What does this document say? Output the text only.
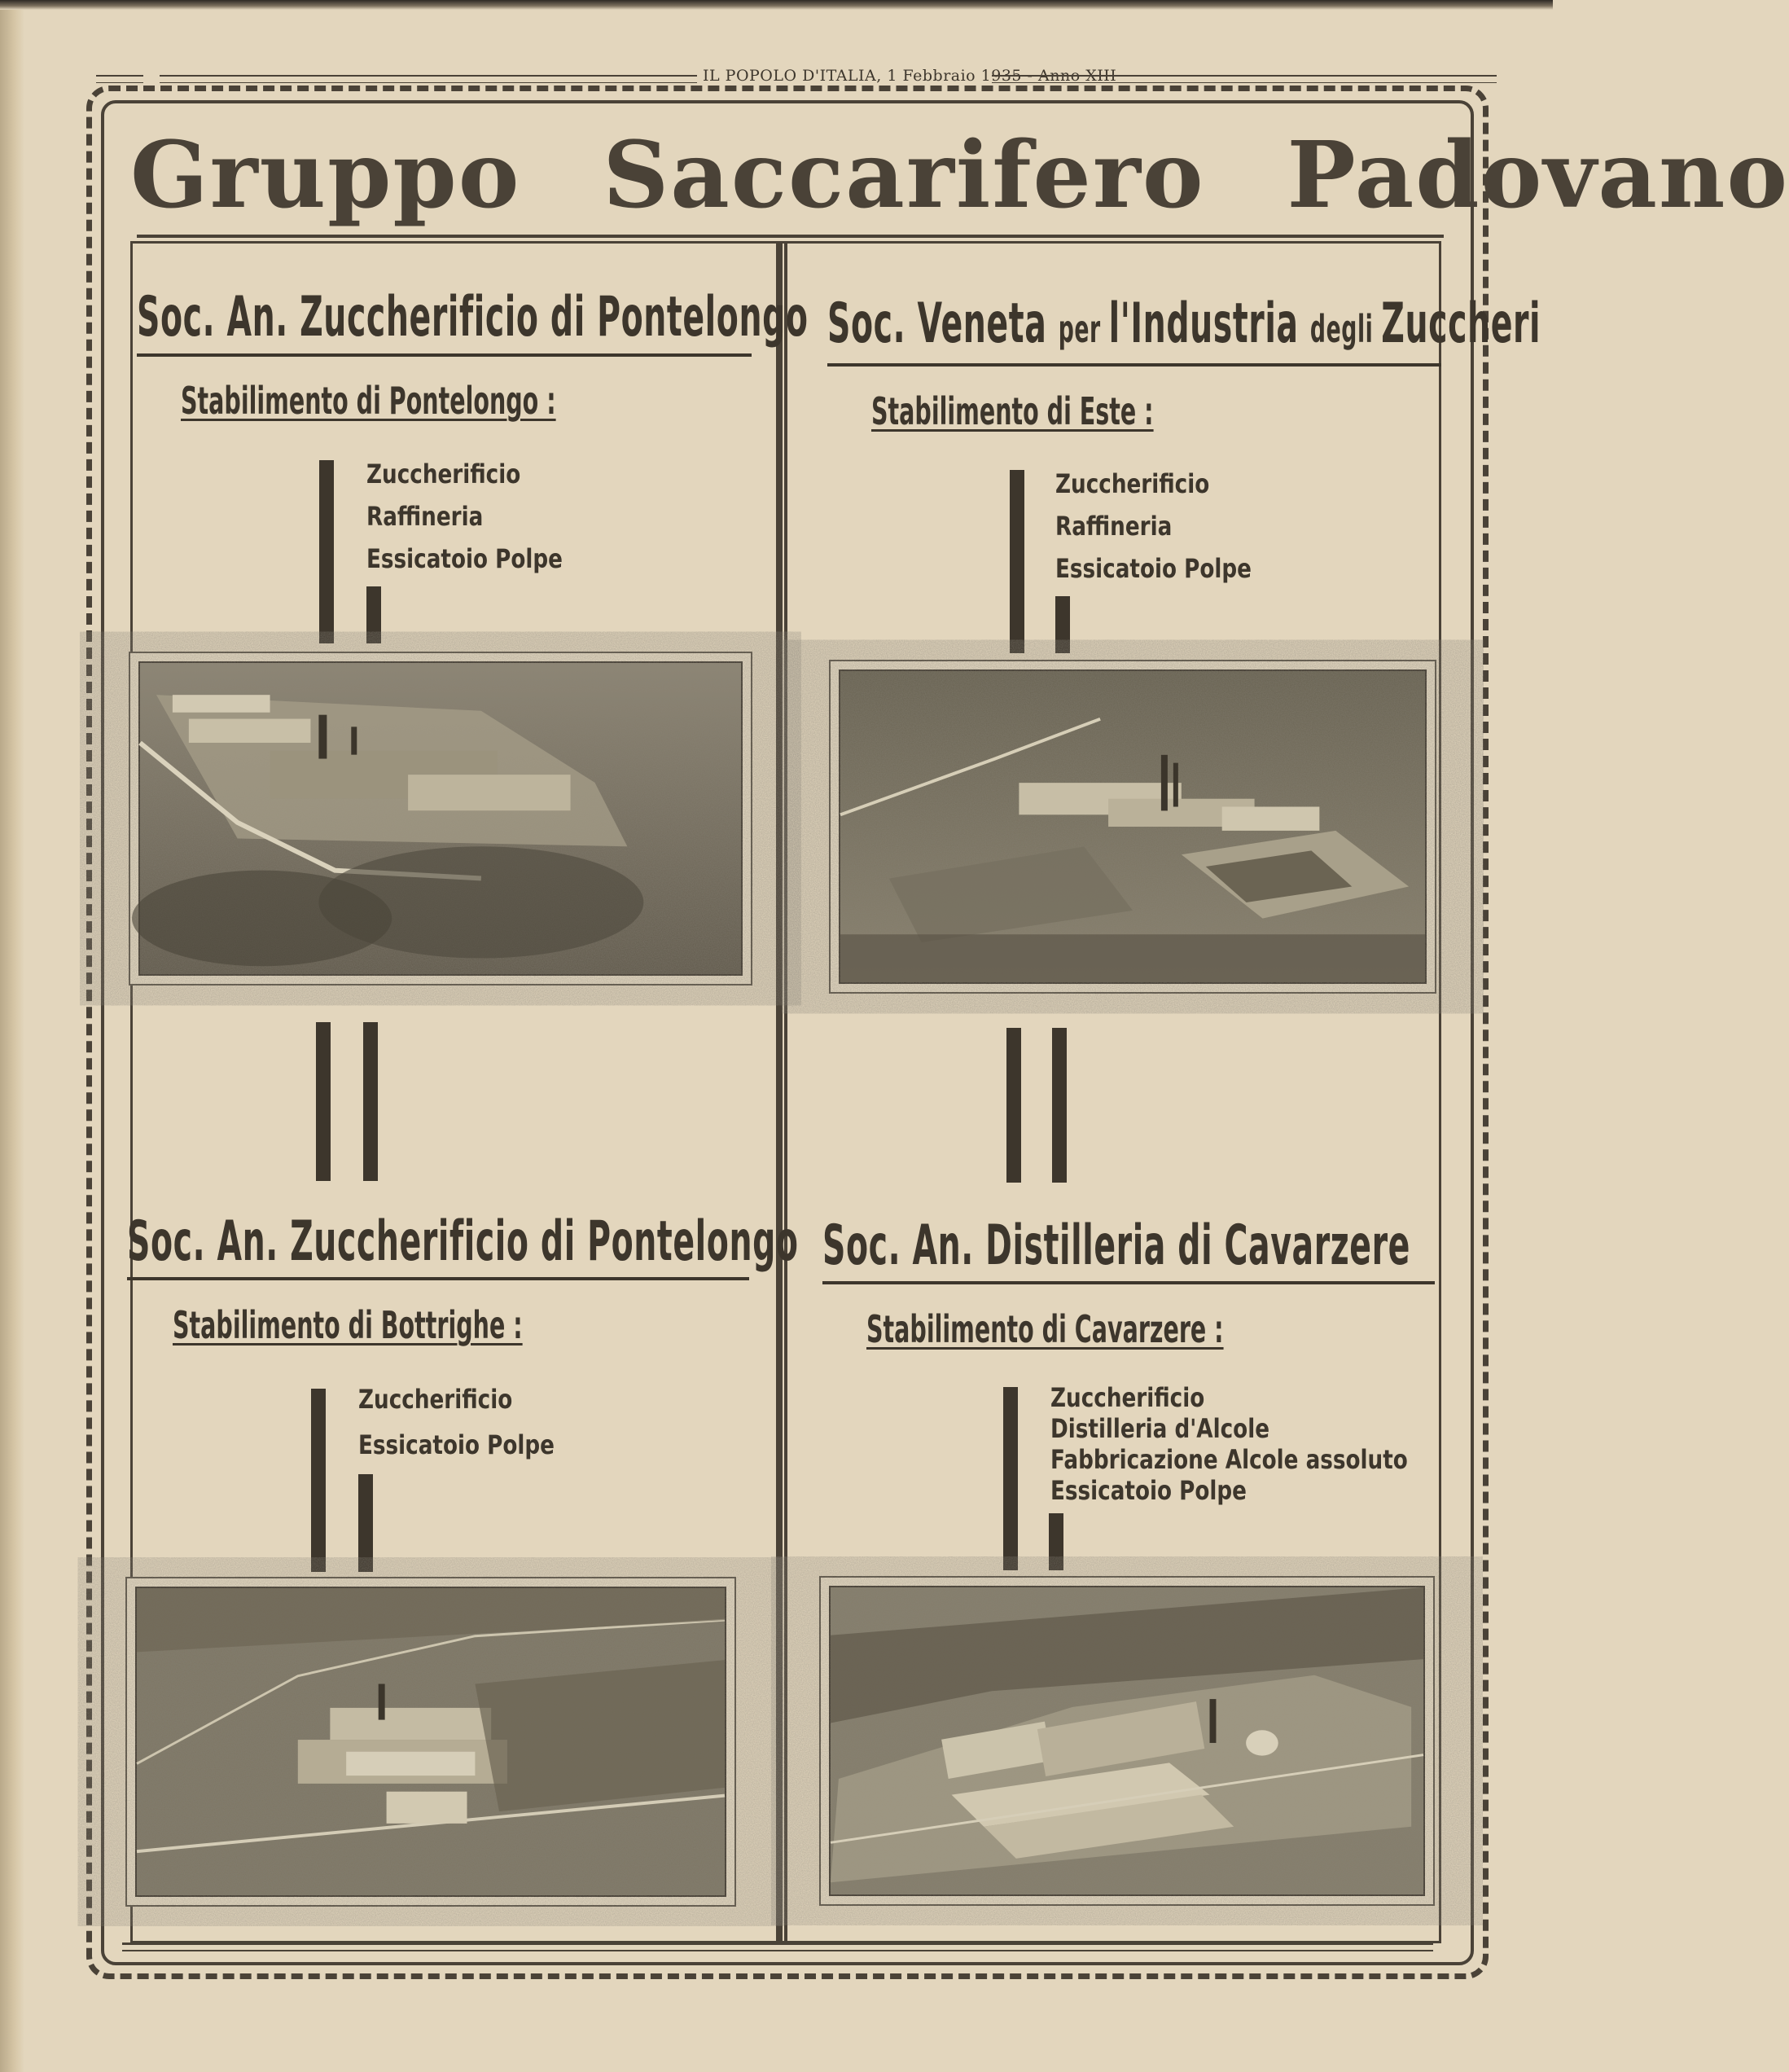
IL POPOLO D'ITALIA, 1 Febbraio 1935 - Anno XIII
Gruppo Saccarifero Padovano
Soc. An. Zuccherificio di Pontelongo
Stabilimento di Pontelongo :
Zuccherificio
Raffineria
Essicatoio Polpe
Soc. Veneta per l'Industria degli Zuccheri
Stabilimento di Este :
Zuccherificio
Raffineria
Essicatoio Polpe
Soc. An. Zuccherificio di Pontelongo
Stabilimento di Bottrighe :
Zuccherificio
Essicatoio Polpe
Soc. An. Distilleria di Cavarzere
Stabilimento di Cavarzere :
Zuccherificio
Distilleria d'Alcole
Fabbricazione Alcole assoluto
Essicatoio Polpe
